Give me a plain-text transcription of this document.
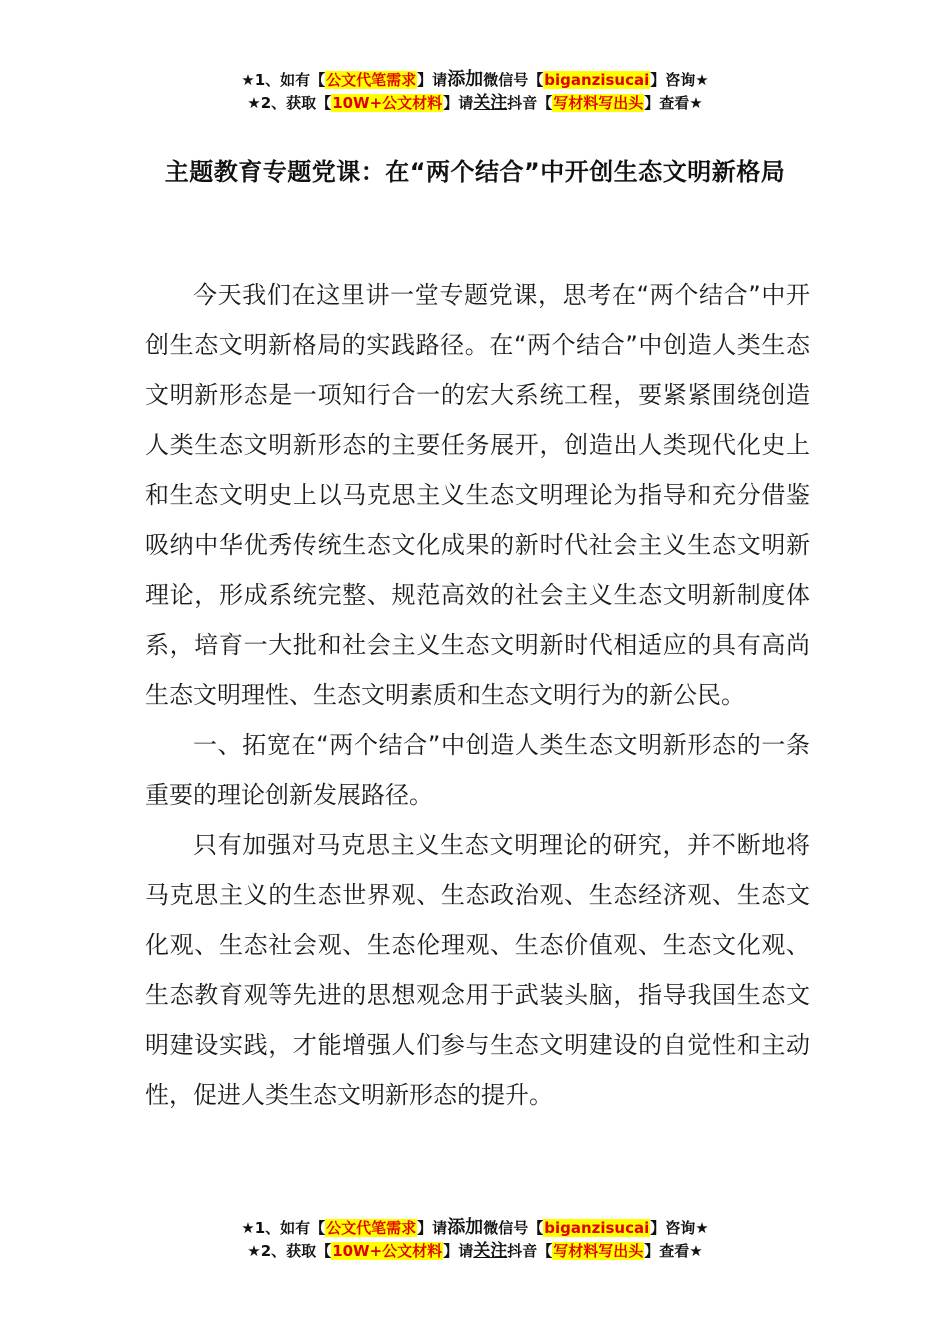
★1、如有【公文代笔需求】请添加微信号【biganzisucai】咨询★
★2、获取【10W+公文材料】请关注抖音【写材料写出头】查看★
主题教育专题党课：在“两个结合”中开创生态文明新格局

今天我们在这里讲一堂专题党课，思考在“两个结合”中开创生态文明新格局的实践路径。在“两个结合”中创造人类生态文明新形态是一项知行合一的宏大系统工程，要紧紧围绕创造人类生态文明新形态的主要任务展开，创造出人类现代化史上和生态文明史上以马克思主义生态文明理论为指导和充分借鉴吸纳中华优秀传统生态文化成果的新时代社会主义生态文明新理论，形成系统完整、规范高效的社会主义生态文明新制度体系，培育一大批和社会主义生态文明新时代相适应的具有高尚生态文明理性、生态文明素质和生态文明行为的新公民。

一、拓宽在“两个结合”中创造人类生态文明新形态的一条重要的理论创新发展路径。

只有加强对马克思主义生态文明理论的研究，并不断地将马克思主义的生态世界观、生态政治观、生态经济观、生态文化观、生态社会观、生态伦理观、生态价值观、生态文化观、生态教育观等先进的思想观念用于武装头脑，指导我国生态文明建设实践，才能增强人们参与生态文明建设的自觉性和主动性，促进人类生态文明新形态的提升。

★1、如有【公文代笔需求】请添加微信号【biganzisucai】咨询★
★2、获取【10W+公文材料】请关注抖音【写材料写出头】查看★
